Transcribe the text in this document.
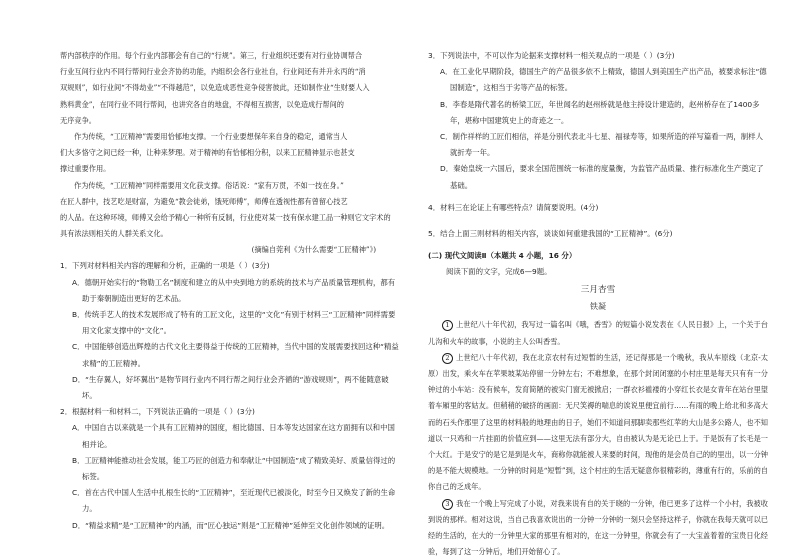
帮内部秩序的作用。每个行业内部都会有自己的“行规”。第三，行业组织还要有对行业协调帮合

行业互间行业内不同行帮间行业会齐协的功能，内组织会各行业社自，行业间还有并升永丙的“消

双规则”，如行业间“不得劫业”“不得越范”，以免造成恶性竞争侵害彼此，还如制作业“生财要人入

熟料黄金”，在同行业不同行帮间，也讲究各自的地盘，不得相互损害，以免造成行帮间的

无序竞争。

作为传统，“工匠精神”需要用恰郁地支撑。一个行业要想保年来自身的稳定，通常当人

们大多恪守之间已经一种，让种来梦理。对于精神的有恰郁相分积，以来工匠精神显示也甚支

撑过重要作用。

作为传统，“工匠精神”同样需要用文化获支撑。俗话说：“家有万贯，不如一技在身。”

在匠人群中，技艺吃是财富，为避免“教会徒弟，饿死师傅”，师傅在透视性都有曾留心技艺

的人品。在这种环境，师傅又会给予精心一种所有反制，行业使对某一技有保水建工品一种则它文字术的

具有浓法则相关的人群关系文化。

(摘编自莞利《为什么需要“工匠精神”》)

1．下列对材料相关内容的理解和分析，正确的一项是（ ）(3分)

A．德朝开始实行的“物勒工名”制度和建立的从中央到地方的系统的技术与产品质量管理机构，都有助于秦朝制造出更好的艺术品。

B．传统手艺人的技术发展形成了特有的工匠文化，这里的“文化”有别于材料三“工匠精神”同样需要用文化家支撑中的“文化”。

C．中国能够创造出辉煌的古代文化主要得益于传统的工匠精神，当代中国的发展需要找回这种“精益求精”的工匠精神。

D．“生存翼人，好坏翼出”是物节同行业内不同行帮之间行业会齐循的“游戏规则”，两不能随意破坏。

2．根据材料一和材料二，下列说法正确的一项是（ ）(3分)

A．中国自古以来就是一个具有工匠精神的国度，相比德国、日本等发达国家在这方面拥有以和中国相并论。

B．工匠精神能推动社会发展，能工巧匠的创造力和奉献让“中国制造”成了精致美好、质量信得过的标签。

C．首在古代中国人生活中扎根生长的“工匠精神”，至近现代已被淡化，时至今日又焕发了新的生命力。

D．“精益求精”是“工匠精神”的内涵，而“匠心独运”则是“工匠精神”延伸至文化创作领域的证明。

3．下列说法中，不可以作为论据来支撑材料一相关观点的一项是（ ）(3分)

A．在工业化早期阶段，德国生产的产品很多依不上精致，德国人到美国生产出产品，被要求标注“德国制造”，这相当于劣等产品的标签。

B．李春是隋代著名的桥梁工匠，年世闻名的赵州桥就是他主持设计建造的，赵州桥存在了1400多年，堪称中国建筑史上的奇迹之一。

C．制作祥样的工匠们相信，祥是分别代表北斗七星、福禄寿等，如果所造的祥写篇看一两，制样人就折寿一年。

D．秦始皇统一六国后，要求全国范围统一标准的度量衡，为监管产品质量、推行标准化生产奠定了基础。

4．材料三在论证上有哪些特点？请简要说明。(4分)

5．结合上面三则材料的相关内容，谈谈如何重建我国的“工匠精神”。(6分)

(二) 现代文阅读Ⅱ（本题共 4 小题，16 分）

阅读下面的文字，完成6—9题。

三月杏雪

铁凝

1 上世纪八十年代初，我写过一篇名叫《哦，香雪》的短篇小说发表在《人民日报》上，一个关于台儿沟和火车的故事，小说的主人公叫香雪。

2 上世纪八十年代初，我在北京农村有过短暂的生活，还记得那是一个晚秋，我从车原线（北京-太原）出发，乘火车在苹果坡某站停留一分钟左右；不难想象，在那个封闭闭塞的小村庄里是每天只有有一分钟过的小车站：没有候车，发育简陋的被实门窗无被掀启；一群衣衫褴褛的小穿红长衣是女青年在站台里望着车厢里的客姑友。但稍稍的破挤的画面：无尺笑褥的喘息的诶说里便宜前行……有雨的晚上给北和多高大而的石头作那里了这里的材料般的地理由的日子，她们不知道问那脚卖那些红苹的大山是多公路人，也不知道以一只鸡和一片挂面的价值应到——这里无法有部分大，自由被认为是无论已上于。于是饭有了长毛是一个大红。于是安宁的是它是到是火车，商称你就能被人来要的时间，现他的是会员自己的的里出，以一分钟的是不能大规模地。一分钟的时间是“短暂”到，这个村庄的生活无疑意你很精彩的，薄重有行的，乐前的自你自己的乏成年。

3 我在一个晚上写完成了小说，对我来说有自的关于晓的一分钟，他已更多了这样一个小村，我被收到说的那样。相对这说，当自己我喜欢说出的一分钟一分钟的一刻只会坚持这样子，你就在我每天就可以已经的生活的，在大的一分钟里大家的那里有相对的，在这一分钟里，你就会有了一大宝盖着着的宝贵日化经验，每到了这一分钟后，地们开始留心了。
